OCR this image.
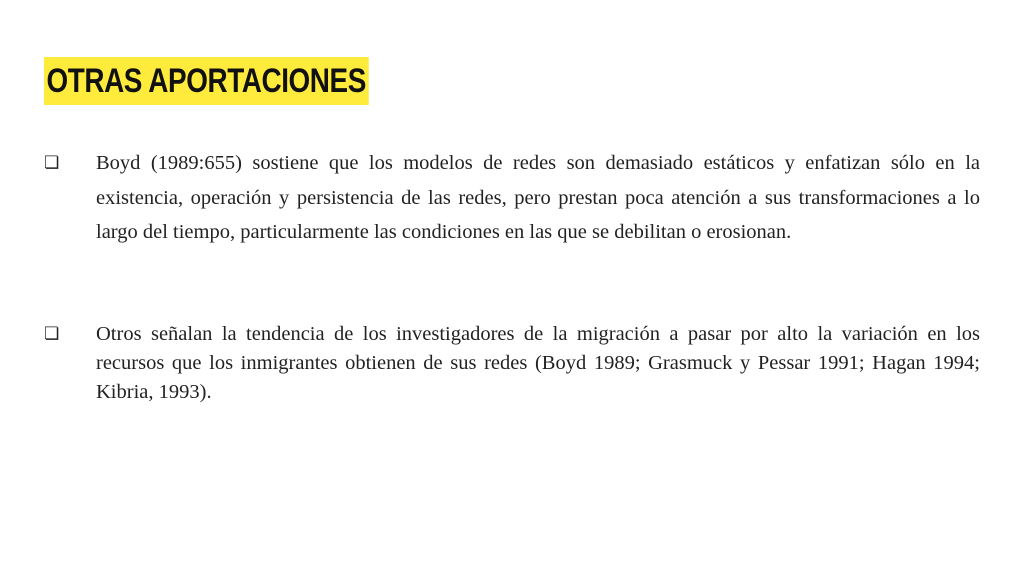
OTRAS APORTACIONES
❏ Boyd (1989:655) sostiene que los modelos de redes son demasiado estáticos y enfatizan sólo en la existencia, operación y persistencia de las redes, pero prestan poca atención a sus transformaciones a lo largo del tiempo, particularmente las condiciones en las que se debilitan o erosionan.

❏ Otros señalan la tendencia de los investigadores de la migración a pasar por alto la variación en los recursos que los inmigrantes obtienen de sus redes (Boyd 1989; Grasmuck y Pessar 1991; Hagan 1994; Kibria, 1993).
